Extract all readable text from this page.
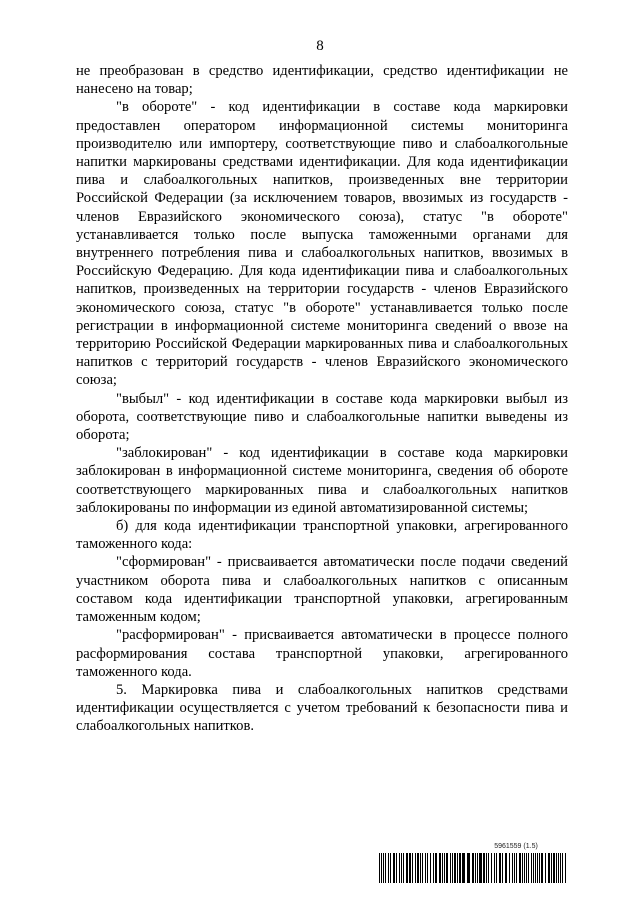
8

не преобразован в средство идентификации, средство идентификации не нанесено на товар;

"в обороте" - код идентификации в составе кода маркировки предоставлен оператором информационной системы мониторинга производителю или импортеру, соответствующие пиво и слабоалкогольные напитки маркированы средствами идентификации. Для кода идентификации пива и слабоалкогольных напитков, произведенных вне территории Российской Федерации (за исключением товаров, ввозимых из государств - членов Евразийского экономического союза), статус "в обороте" устанавливается только после выпуска таможенными органами для внутреннего потребления пива и слабоалкогольных напитков, ввозимых в Российскую Федерацию. Для кода идентификации пива и слабоалкогольных напитков, произведенных на территории государств - членов Евразийского экономического союза, статус "в обороте" устанавливается только после регистрации в информационной системе мониторинга сведений о ввозе на территорию Российской Федерации маркированных пива и слабоалкогольных напитков с территорий государств - членов Евразийского экономического союза;

"выбыл" - код идентификации в составе кода маркировки выбыл из оборота, соответствующие пиво и слабоалкогольные напитки выведены из оборота;

"заблокирован" - код идентификации в составе кода маркировки заблокирован в информационной системе мониторинга, сведения об обороте соответствующего маркированных пива и слабоалкогольных напитков заблокированы по информации из единой автоматизированной системы;

б) для кода идентификации транспортной упаковки, агрегированного таможенного кода:

"сформирован" - присваивается автоматически после подачи сведений участником оборота пива и слабоалкогольных напитков с описанным составом кода идентификации транспортной упаковки, агрегированным таможенным кодом;

"расформирован" - присваивается автоматически в процессе полного расформирования состава транспортной упаковки, агрегированного таможенного кода.

5. Маркировка пива и слабоалкогольных напитков средствами идентификации осуществляется с учетом требований к безопасности пива и слабоалкогольных напитков.

5961559 (1.5)
